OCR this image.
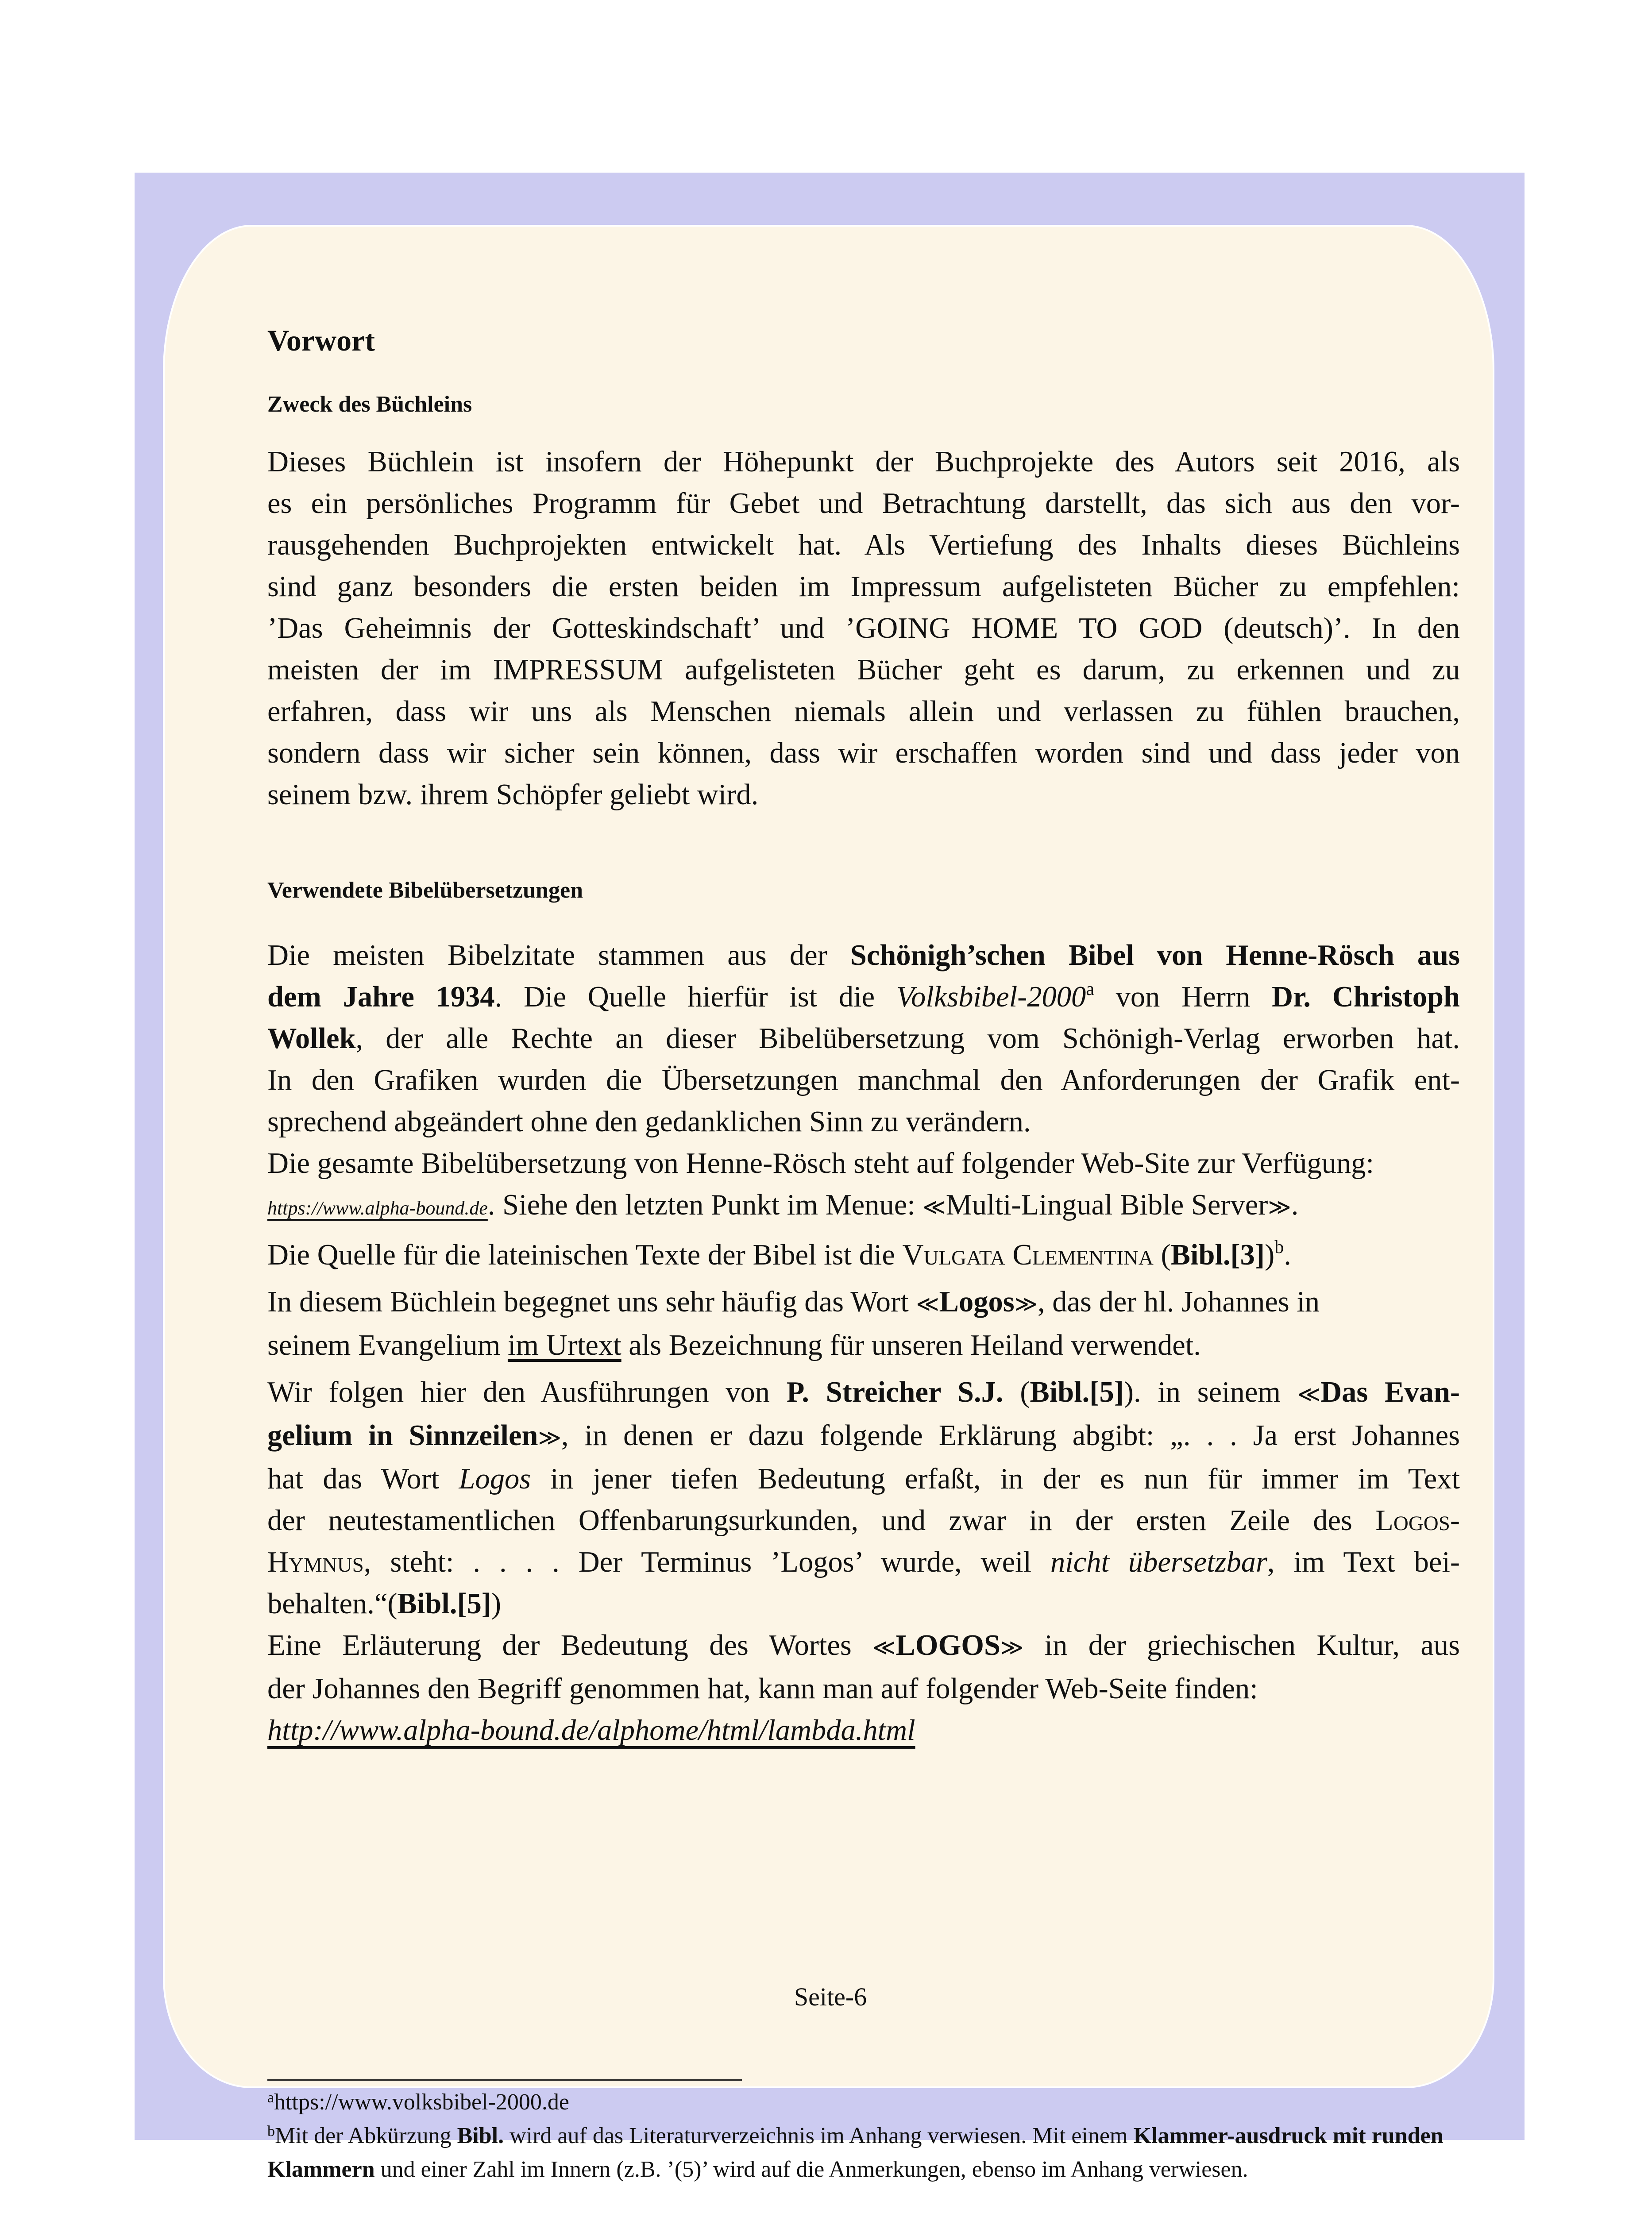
Vorwort
Zweck des Büchleins
Dieses Büchlein ist insofern der Höhepunkt der Buchprojekte des Autors seit 2016, als
es ein persönliches Programm für Gebet und Betrachtung darstellt, das sich aus den vor-
rausgehenden Buchprojekten entwickelt hat. Als Vertiefung des Inhalts dieses Büchleins
sind ganz besonders die ersten beiden im Impressum aufgelisteten Bücher zu empfehlen:
’Das Geheimnis der Gotteskindschaft’ und ’GOING HOME TO GOD (deutsch)’. In den
meisten der im IMPRESSUM aufgelisteten Bücher geht es darum, zu erkennen und zu
erfahren, dass wir uns als Menschen niemals allein und verlassen zu fühlen brauchen,
sondern dass wir sicher sein können, dass wir erschaffen worden sind und dass jeder von
seinem bzw. ihrem Schöpfer geliebt wird.
Verwendete Bibelübersetzungen
Die meisten Bibelzitate stammen aus der Schönigh’schen Bibel von Henne-Rösch aus
dem Jahre 1934. Die Quelle hierfür ist die Volksbibel-2000$^a$ von Herrn Dr. Christoph
Wollek, der alle Rechte an dieser Bibelübersetzung vom Schönigh-Verlag erworben hat.
In den Grafiken wurden die Übersetzungen manchmal den Anforderungen der Grafik ent-
sprechend abgeändert ohne den gedanklichen Sinn zu verändern.
Die gesamte Bibelübersetzung von Henne-Rösch steht auf folgender Web-Site zur Verfügung:
https://www.alpha-bound.de. Siehe den letzten Punkt im Menue: ≪Multi-Lingual Bible Server≫.
Die Quelle für die lateinischen Texte der Bibel ist die Vulgata Clementina (Bibl.[3])$^b$.
In diesem Büchlein begegnet uns sehr häufig das Wort ≪Logos≫, das der hl. Johannes in
seinem Evangelium im Urtext als Bezeichnung für unseren Heiland verwendet.
Wir folgen hier den Ausführungen von P. Streicher S.J. (Bibl.[5]). in seinem ≪Das Evan-
gelium in Sinnzeilen≫, in denen er dazu folgende Erklärung abgibt: „. . . Ja erst Johannes
hat das Wort Logos in jener tiefen Bedeutung erfaßt, in der es nun für immer im Text
der neutestamentlichen Offenbarungsurkunden, und zwar in der ersten Zeile des Logos-
Hymnus, steht: . . . . Der Terminus ’Logos’ wurde, weil nicht übersetzbar, im Text bei-
behalten.“(Bibl.[5])
Eine Erläuterung der Bedeutung des Wortes ≪LOGOS≫ in der griechischen Kultur, aus
der Johannes den Begriff genommen hat, kann man auf folgender Web-Seite finden:
http://www.alpha-bound.de/alphome/html/lambda.html
Seite-6
$^a$https://www.volksbibel-2000.de
$^b$Mit der Abkürzung Bibl. wird auf das Literaturverzeichnis im Anhang verwiesen. Mit einem Klammer-ausdruck mit runden Klammern und einer Zahl im Innern (z.B. ’(5)’ wird auf die Anmerkungen, ebenso im Anhang verwiesen.
